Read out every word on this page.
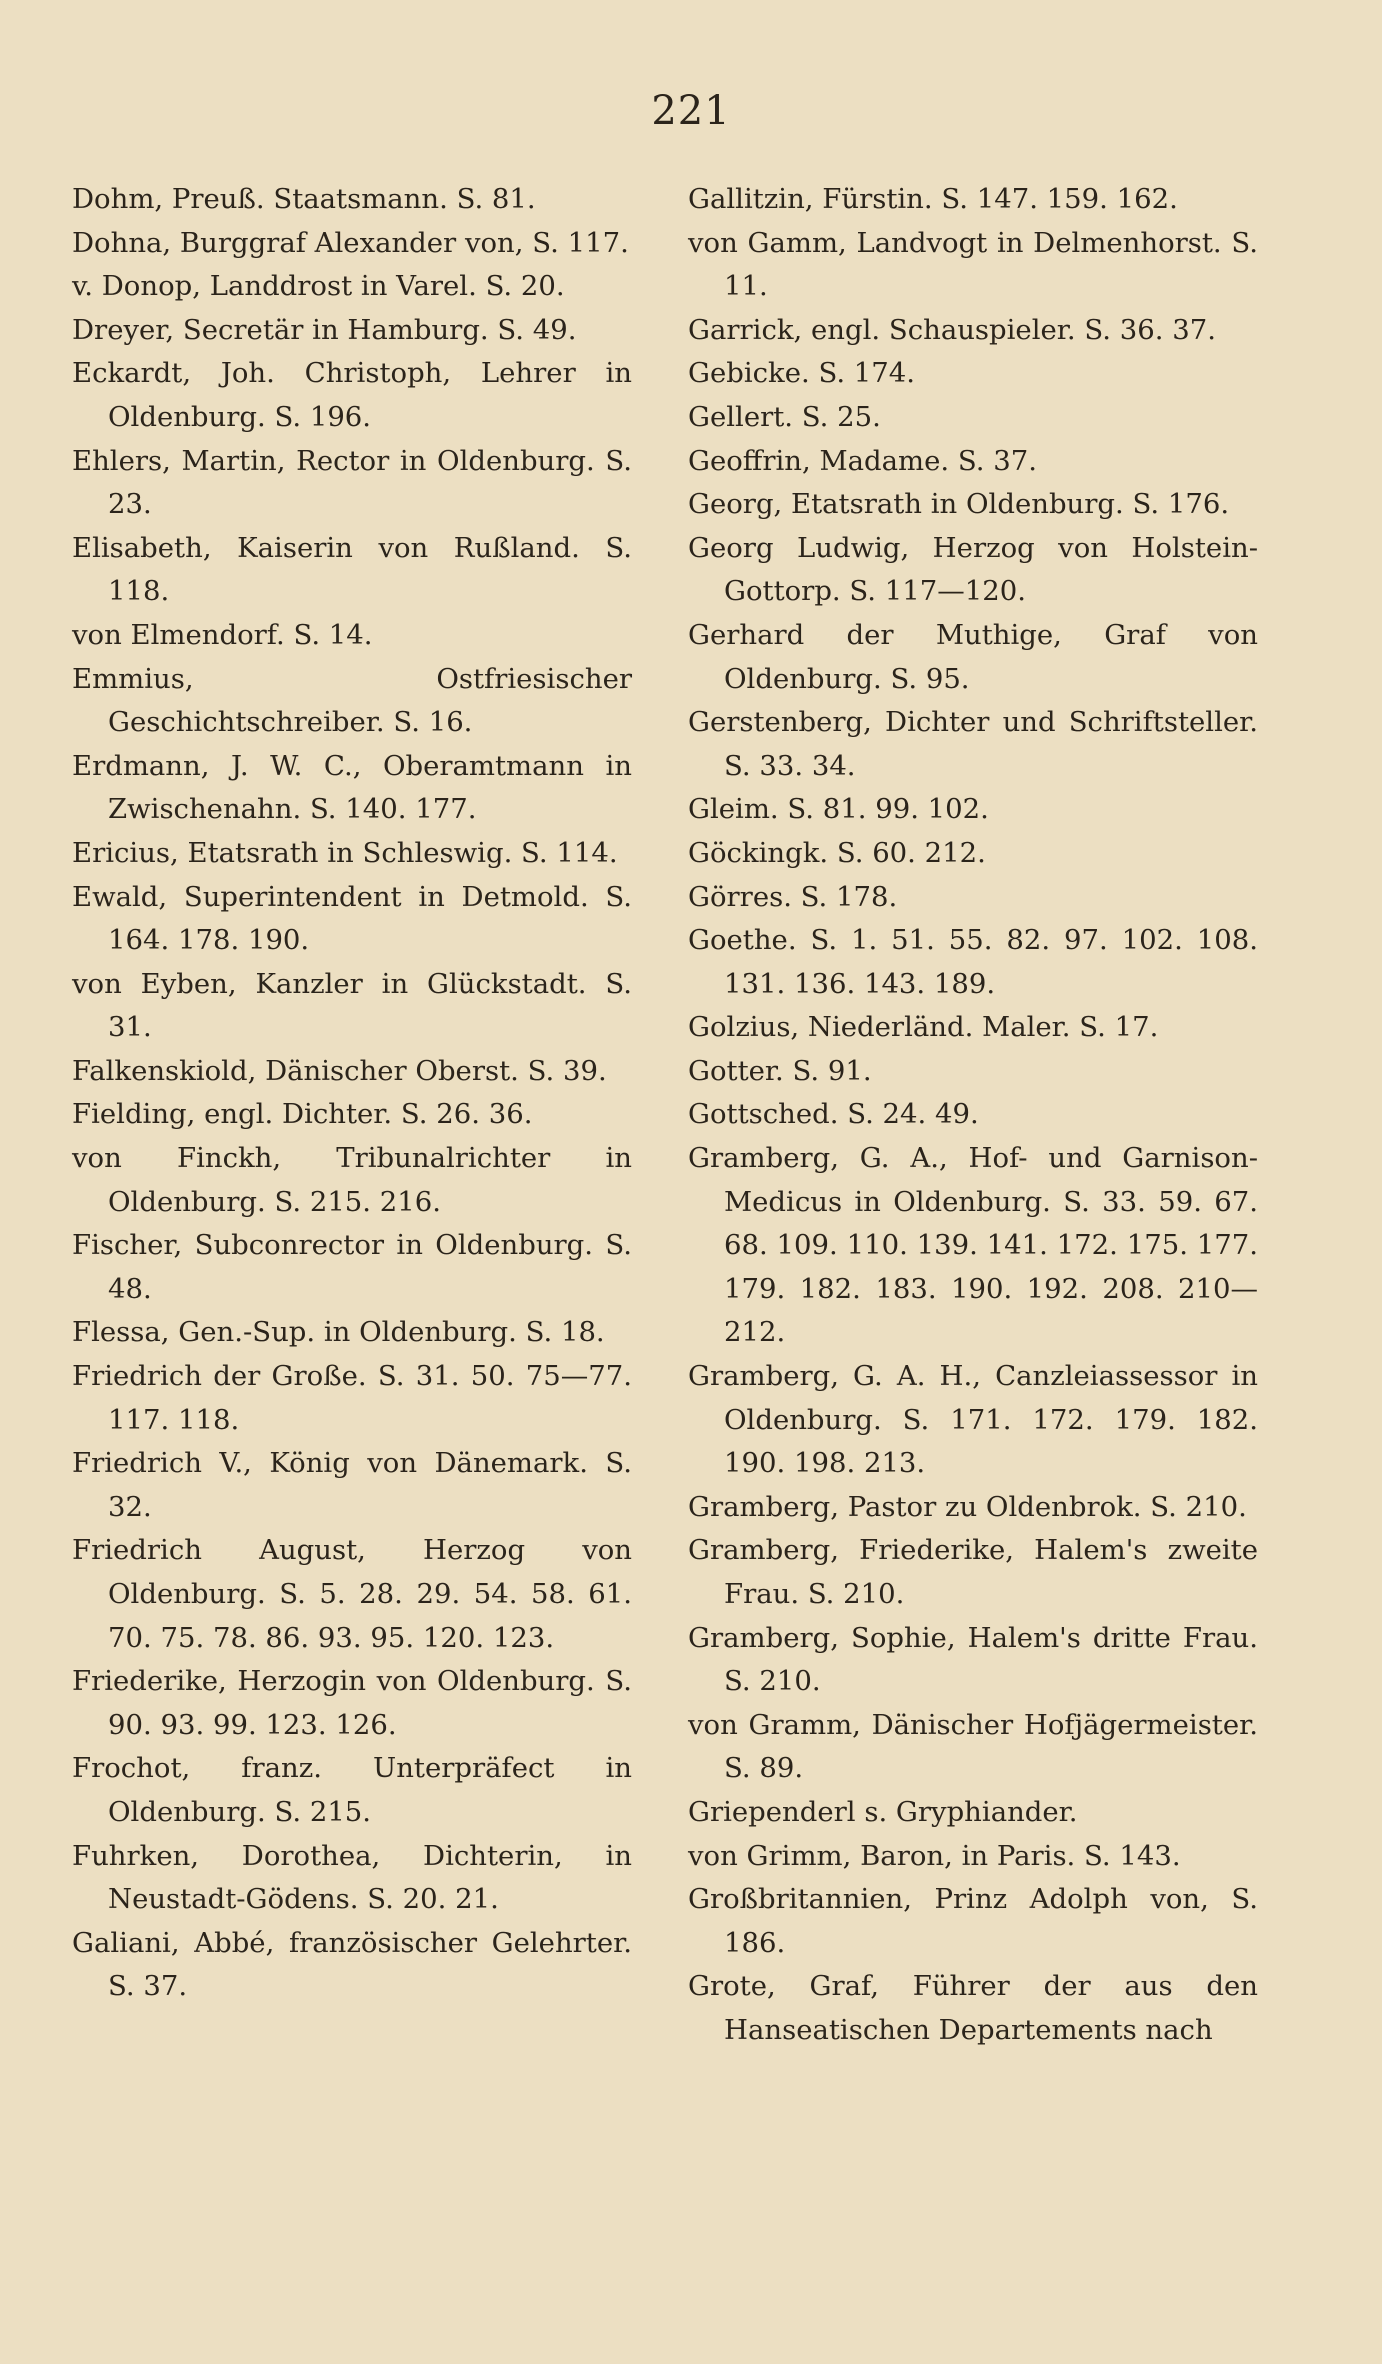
221
Dohm, Preuß. Staatsmann. S. 81.
Dohna, Burggraf Alexander von, S. 117.
v. Donop, Landdrost in Varel. S. 20.
Dreyer, Secretär in Hamburg. S. 49.
Eckardt, Joh. Christoph, Lehrer in Oldenburg. S. 196.
Ehlers, Martin, Rector in Oldenburg. S. 23.
Elisabeth, Kaiserin von Rußland. S. 118.
von Elmendorf. S. 14.
Emmius, Ostfriesischer Geschichtschreiber. S. 16.
Erdmann, J. W. C., Oberamtmann in Zwischenahn. S. 140. 177.
Ericius, Etatsrath in Schleswig. S. 114.
Ewald, Superintendent in Detmold. S. 164. 178. 190.
von Eyben, Kanzler in Glückstadt. S. 31.
Falkenskiold, Dänischer Oberst. S. 39.
Fielding, engl. Dichter. S. 26. 36.
von Finckh, Tribunalrichter in Oldenburg. S. 215. 216.
Fischer, Subconrector in Oldenburg. S. 48.
Flessa, Gen.-Sup. in Oldenburg. S. 18.
Friedrich der Große. S. 31. 50. 75—77. 117. 118.
Friedrich V., König von Dänemark. S. 32.
Friedrich August, Herzog von Oldenburg. S. 5. 28. 29. 54. 58. 61. 70. 75. 78. 86. 93. 95. 120. 123.
Friederike, Herzogin von Oldenburg. S. 90. 93. 99. 123. 126.
Frochot, franz. Unterpräfect in Oldenburg. S. 215.
Fuhrken, Dorothea, Dichterin, in Neustadt-Gödens. S. 20. 21.
Galiani, Abbé, französischer Gelehrter. S. 37.
Gallitzin, Fürstin. S. 147. 159. 162.
von Gamm, Landvogt in Delmenhorst. S. 11.
Garrick, engl. Schauspieler. S. 36. 37.
Gebicke. S. 174.
Gellert. S. 25.
Geoffrin, Madame. S. 37.
Georg, Etatsrath in Oldenburg. S. 176.
Georg Ludwig, Herzog von Holstein-Gottorp. S. 117—120.
Gerhard der Muthige, Graf von Oldenburg. S. 95.
Gerstenberg, Dichter und Schriftsteller. S. 33. 34.
Gleim. S. 81. 99. 102.
Göckingk. S. 60. 212.
Görres. S. 178.
Goethe. S. 1. 51. 55. 82. 97. 102. 108. 131. 136. 143. 189.
Golzius, Niederländ. Maler. S. 17.
Gotter. S. 91.
Gottsched. S. 24. 49.
Gramberg, G. A., Hof- und Garnison-Medicus in Oldenburg. S. 33. 59. 67. 68. 109. 110. 139. 141. 172. 175. 177. 179. 182. 183. 190. 192. 208. 210—212.
Gramberg, G. A. H., Canzleiassessor in Oldenburg. S. 171. 172. 179. 182. 190. 198. 213.
Gramberg, Pastor zu Oldenbrok. S. 210.
Gramberg, Friederike, Halem's zweite Frau. S. 210.
Gramberg, Sophie, Halem's dritte Frau. S. 210.
von Gramm, Dänischer Hofjägermeister. S. 89.
Griependerl s. Gryphiander.
von Grimm, Baron, in Paris. S. 143.
Großbritannien, Prinz Adolph von, S. 186.
Grote, Graf, Führer der aus den Hanseatischen Departements nach
